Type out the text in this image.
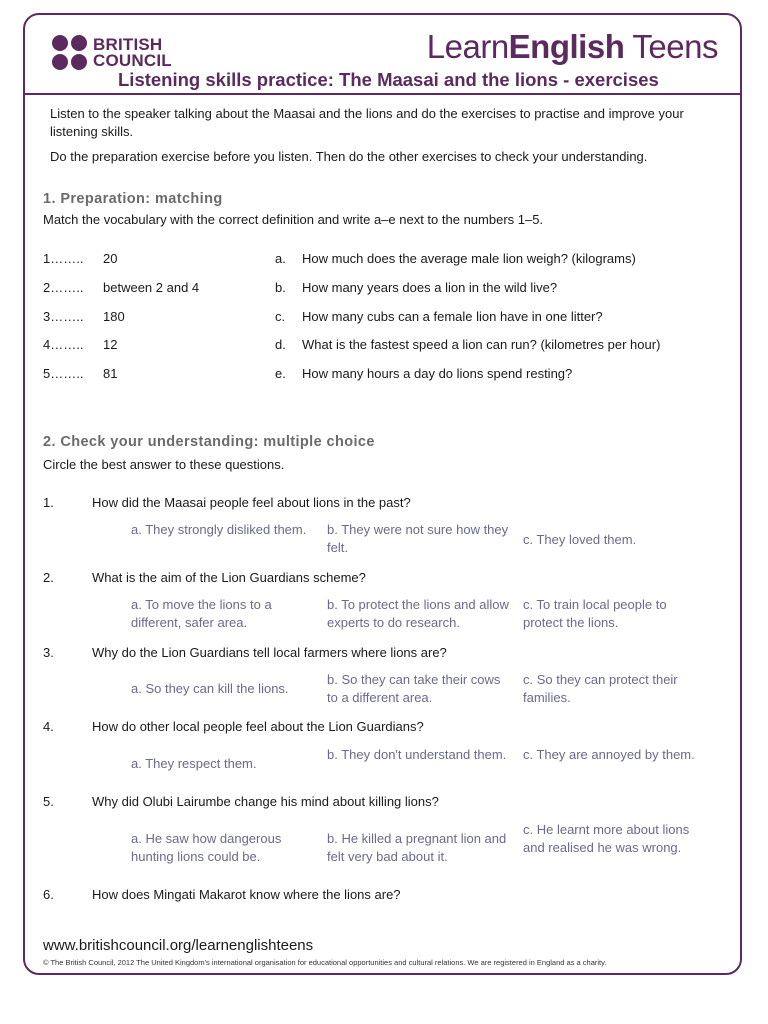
BRITISH
COUNCIL	LearnEnglish Teens
Listening skills practice: The Maasai and the lions - exercises
Listen to the speaker talking about the Maasai and the lions and do the exercises to practise and improve your listening skills.
Do the preparation exercise before you listen. Then do the other exercises to check your understanding.
1. Preparation: matching
Match the vocabulary with the correct definition and write a–e next to the numbers 1–5.
1…….. 20	a. How much does the average male lion weigh? (kilograms)
2…….. between 2 and 4	b. How many years does a lion in the wild live?
3…….. 180	c. How many cubs can a female lion have in one litter?
4…….. 12	d. What is the fastest speed a lion can run? (kilometres per hour)
5…….. 81	e. How many hours a day do lions spend resting?
2. Check your understanding: multiple choice
Circle the best answer to these questions.
1.	How did the Maasai people feel about lions in the past?
a. They strongly disliked them.	b. They were not sure how they felt.
c. They loved them.
2.	What is the aim of the Lion Guardians scheme?
a. To move the lions to a different, safer area.
b. To protect the lions and allow experts to do research.
c. To train local people to protect the lions.
3.	Why do the Lion Guardians tell local farmers where lions are?
a. So they can kill the lions.
b. So they can take their cows to a different area.
c. So they can protect their families.
4.	How do other local people feel about the Lion Guardians?
a. They respect them.
b. They don't understand them.	c. They are annoyed by them.
5.	Why did Olubi Lairumbe change his mind about killing lions?
a. He saw how dangerous hunting lions could be.
b. He killed a pregnant lion and felt very bad about it.
c. He learnt more about lions and realised he was wrong.
6.	How does Mingati Makarot know where the lions are?
www.britishcouncil.org/learnenglishteens
© The British Council, 2012 The United Kingdom's international organisation for educational opportunities and cultural relations. We are registered in England as a charity.
